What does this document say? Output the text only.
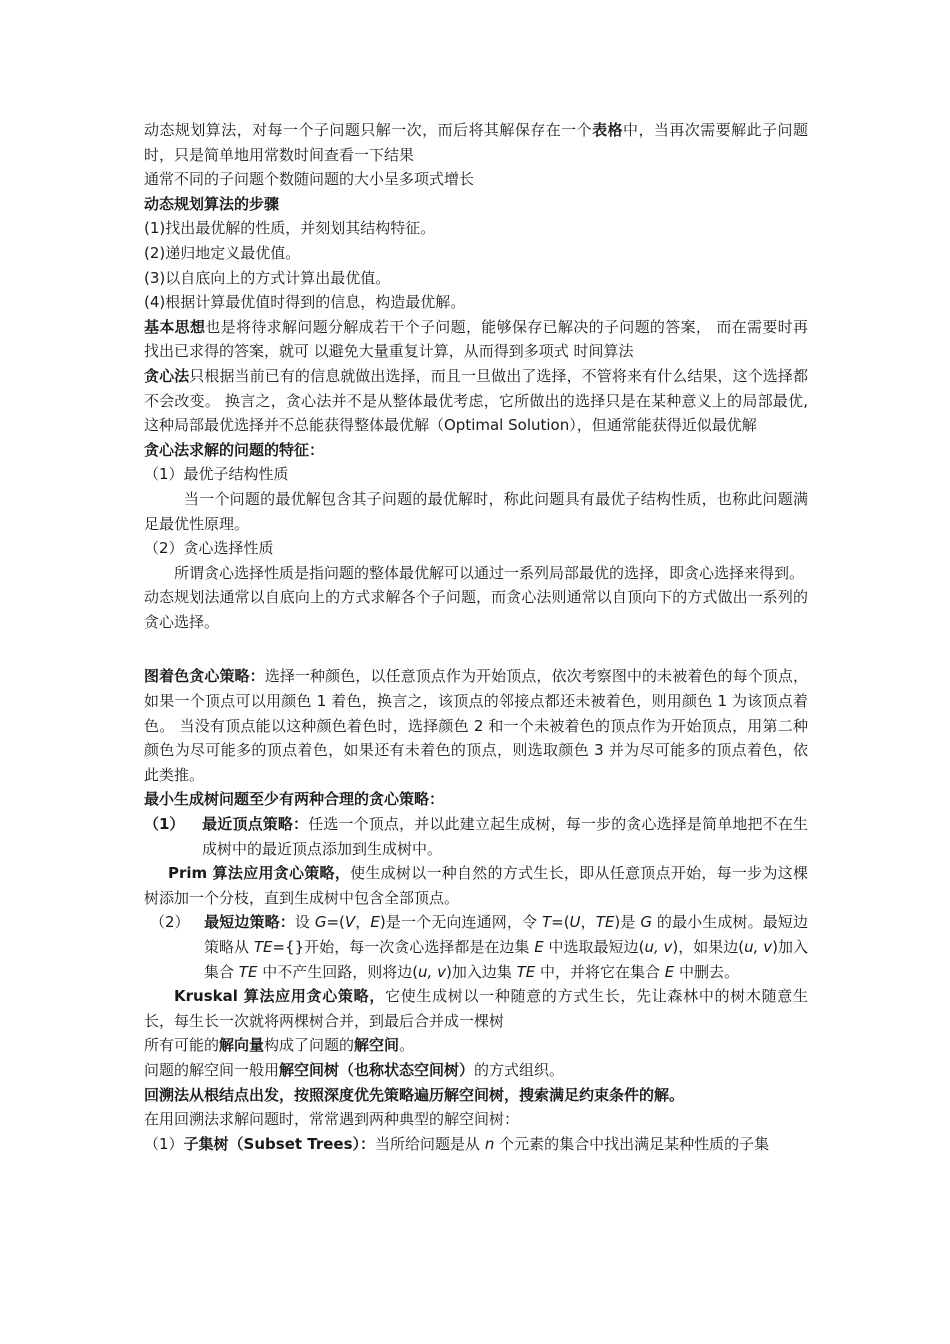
动态规划算法，对每一个子问题只解一次，而后将其解保存在一个表格中，当再次需要解此子问题时，只是简单地用常数时间查看一下结果

通常不同的子问题个数随问题的大小呈多项式增长

动态规划算法的步骤

(1)找出最优解的性质，并刻划其结构特征。

(2)递归地定义最优值。

(3)以自底向上的方式计算出最优值。

(4)根据计算最优值时得到的信息，构造最优解。

基本思想也是将待求解问题分解成若干个子问题，能够保存已解决的子问题的答案， 而在需要时再找出已求得的答案，就可 以避免大量重复计算，从而得到多项式 时间算法

贪心法只根据当前已有的信息就做出选择，而且一旦做出了选择，不管将来有什么结果，这个选择都不会改变。 换言之，贪心法并不是从整体最优考虑，它所做出的选择只是在某种意义上的局部最优,这种局部最优选择并不总能获得整体最优解（Optimal Solution），但通常能获得近似最优解

贪心法求解的问题的特征：

（1）最优子结构性质

当一个问题的最优解包含其子问题的最优解时，称此问题具有最优子结构性质，也称此问题满足最优性原理。

（2）贪心选择性质

所谓贪心选择性质是指问题的整体最优解可以通过一系列局部最优的选择，即贪心选择来得到。

动态规划法通常以自底向上的方式求解各个子问题，而贪心法则通常以自顶向下的方式做出一系列的贪心选择。

图着色贪心策略：选择一种颜色，以任意顶点作为开始顶点，依次考察图中的未被着色的每个顶点，如果一个顶点可以用颜色 1 着色，换言之，该顶点的邻接点都还未被着色，则用颜色 1 为该顶点着色。 当没有顶点能以这种颜色着色时，选择颜色 2 和一个未被着色的顶点作为开始顶点，用第二种颜色为尽可能多的顶点着色，如果还有未着色的顶点，则选取颜色 3 并为尽可能多的顶点着色，依此类推。

最小生成树问题至少有两种合理的贪心策略：

（1） 最近顶点策略：任选一个顶点，并以此建立起生成树，每一步的贪心选择是简单地把不在生成树中的最近顶点添加到生成树中。

Prim 算法应用贪心策略，使生成树以一种自然的方式生长，即从任意顶点开始，每一步为这棵树添加一个分枝，直到生成树中包含全部顶点。

（2） 最短边策略：设 G=(V，E)是一个无向连通网，令 T=(U，TE)是 G 的最小生成树。最短边策略从 TE={}开始，每一次贪心选择都是在边集 E 中选取最短边(u, v)，如果边(u, v)加入集合 TE 中不产生回路，则将边(u, v)加入边集 TE 中，并将它在集合 E 中删去。

Kruskal 算法应用贪心策略，它使生成树以一种随意的方式生长，先让森林中的树木随意生长，每生长一次就将两棵树合并，到最后合并成一棵树

所有可能的解向量构成了问题的解空间。

问题的解空间一般用解空间树（也称状态空间树）的方式组织。

回溯法从根结点出发，按照深度优先策略遍历解空间树，搜索满足约束条件的解。

在用回溯法求解问题时，常常遇到两种典型的解空间树：

（1）子集树（Subset Trees）：当所给问题是从 n 个元素的集合中找出满足某种性质的子集
